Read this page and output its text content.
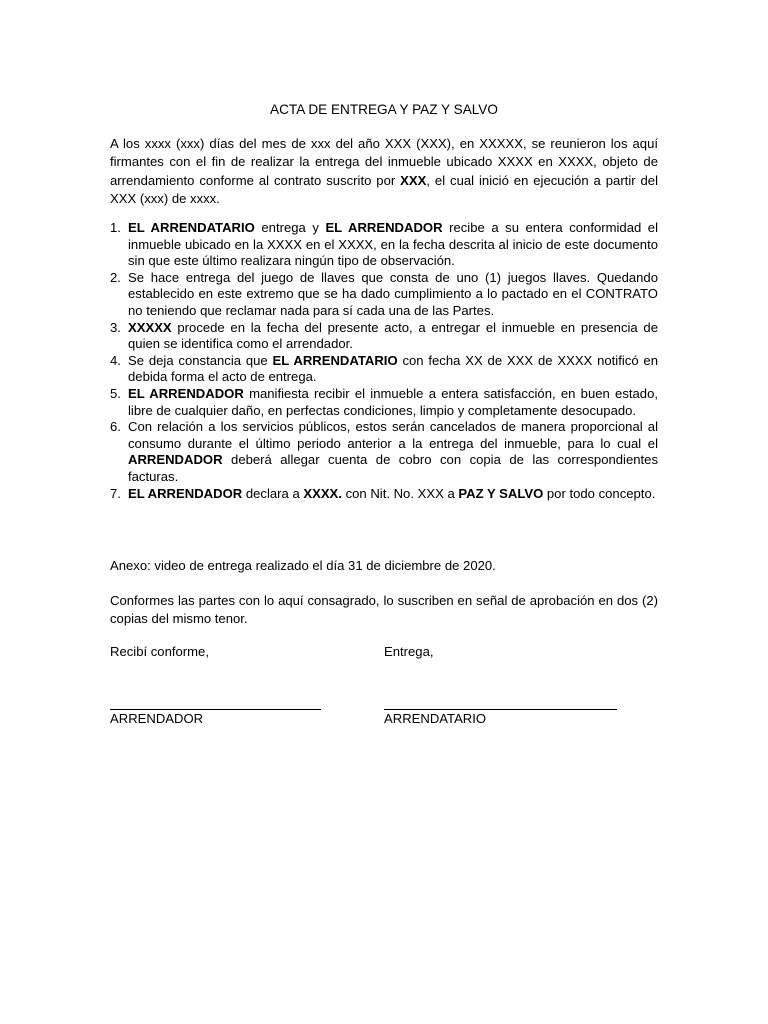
ACTA DE ENTREGA Y PAZ Y SALVO

A los xxxx (xxx) días del mes de xxx del año XXX (XXX), en XXXXX, se reunieron los aquí firmantes con el fin de realizar la entrega del inmueble ubicado XXXX en XXXX, objeto de arrendamiento conforme al contrato suscrito por XXX, el cual inició en ejecución a partir del XXX (xxx) de xxxx.

1. EL ARRENDATARIO entrega y EL ARRENDADOR recibe a su entera conformidad el inmueble ubicado en la XXXX en el XXXX, en la fecha descrita al inicio de este documento sin que este último realizara ningún tipo de observación.
2. Se hace entrega del juego de llaves que consta de uno (1) juegos llaves. Quedando establecido en este extremo que se ha dado cumplimiento a lo pactado en el CONTRATO no teniendo que reclamar nada para sí cada una de las Partes.
3. XXXXX procede en la fecha del presente acto, a entregar el inmueble en presencia de quien se identifica como el arrendador.
4. Se deja constancia que EL ARRENDATARIO con fecha XX de XXX de XXXX notificó en debida forma el acto de entrega.
5. EL ARRENDADOR manifiesta recibir el inmueble a entera satisfacción, en buen estado, libre de cualquier daño, en perfectas condiciones, limpio y completamente desocupado.
6. Con relación a los servicios públicos, estos serán cancelados de manera proporcional al consumo durante el último periodo anterior a la entrega del inmueble, para lo cual el ARRENDADOR deberá allegar cuenta de cobro con copia de las correspondientes facturas.
7. EL ARRENDADOR declara a XXXX. con Nit. No. XXX a PAZ Y SALVO por todo concepto.

Anexo: video de entrega realizado el día 31 de diciembre de 2020.

Conformes las partes con lo aquí consagrado, lo suscriben en señal de aprobación en dos (2) copias del mismo tenor.

Recibí conforme,	Entrega,
ARRENDADOR	ARRENDATARIO
